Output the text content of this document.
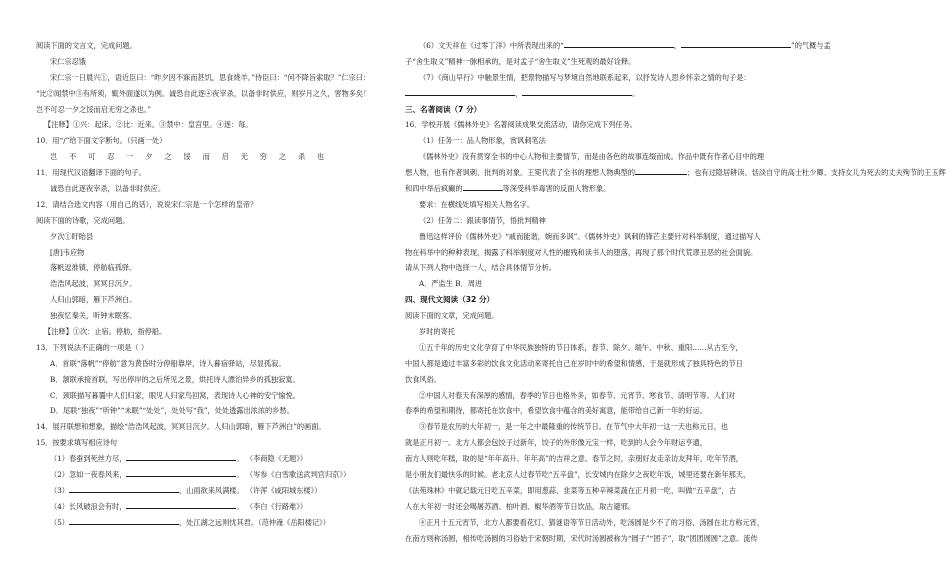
阅读下面的文言文，完成问题。
宋仁宗忍饿
宋仁宗一日晨兴①，语近臣曰：“昨夕因不寐而甚饥，思食烧羊。”侍臣曰：“何不降旨索取？”仁宗曰：
“比②闻禁中③有所须，辄外面遂以为例。诚恐自此逐④夜宰杀，以备非时供应，则岁月之久，害物多矣！
岂不可忍一夕之馁而启无穷之杀也。”
【注释】①兴：起床。②比：近来。③禁中：皇宫里。④逐：每。
10．用“/”给下面文字断句。（只画一处）
岂 不 可 忍 一 夕 之 馁 而 启 无 穷 之 杀 也
11．用现代汉语翻译下面的句子。
诚恐自此逐夜宰杀，以备非时供应。
12．请结合选文内容（用自己的话），说说宋仁宗是一个怎样的皇帝？
阅读下面的诗歌，完成问题。
夕次①盱眙县
[唐]韦应物
落帆逗淮镇，停舫临孤驿。
浩浩风起波，冥冥日沉夕。
人归山郭暗，雁下芦洲白。
独夜忆秦关，听钟未眠客。
【注释】①次：止宿。停舫，指停船。
13．下列说法不正确的一项是（ ）
A．首联“落帆”“停舫”意为黄昏时分停船靠岸，诗人暮宿驿站，尽显孤寂。
B．颔联承接首联，写出停岸的之后所见之景，烘托诗人漂泊异乡的孤独寂寞。
C．颈联描写暮霭中人们归家，眼见人归家鸟回窝，表现诗人心神的安宁愉悦。
D．尾联“独夜”“听钟”“未眠”“处处”，处处写“我”，处处透露出浓浓的乡愁。
14．展开联想和想象，描绘“浩浩风起波，冥冥日沉夕。人归山郭暗，雁下芦洲白”的画面。
15．按要求填写相应诗句
（1）春蚕到死丝方尽，	。 （李商隐《无题》）
（2）忽如一夜春风来，	。 （岑参《白雪歌送武判官归京》）
（3）	，山雨欲来风满楼。 （许浑《咸阳城东楼》）
（4）长风破浪会有时，	。 （李白《行路难》）
（5）	，处江湖之远则忧其君。（范仲淹《岳阳楼记》）
（6）文天祥在《过零丁洋》中所表现出来的“	，	”的气概与孟
子“舍生取义”精神一脉相承的，是对孟子“舍生取义”生死观的最好诠释。
（7）《商山早行》中触景生情，把景物描写与梦境自然地联系起来，以抒发诗人思乡怀亲之情的句子是：
，	。
三、名著阅读（7 分）
16．学校开展《儒林外史》名著阅读成果交流活动，请你完成下列任务。
（1）任务一：品人物形象，赏讽刺笔法
《儒林外史》没有贯穿全书的中心人物和主要情节，而是由各色的故事连缀而成。作品中既有作者心目中的理
想人物，也有作者讽刺、批判的对象。王冕代表了全书的理想人物典型的	；也有过隐居耕读、恬淡自守的高士杜少卿、支持女儿为死去的丈夫殉节的王玉辉
和四中举后疯癫的	等深受科举毒害的反面人物形象。
要求：在横线处填写相关人物名字。
（2）任务二：跟读事情节，悟批判精神
鲁迅这样评价《儒林外史》“戚而能谐，婉而多讽”。《儒林外史》讽刺的锋芒主要针对科举制度，通过描写人
物在科举中的种种表现，揭露了科举制度对人性的摧残和读书人的堕落，再现了那个时代荒谬丑恶的社会面貌。
请从下列人物中选择一人，结合具体情节分析。
A．严监生 B．周进
四、现代文阅读（32 分）
阅读下面的文章，完成问题。
岁时的寄托
①五千年的历史文化孕育了中华民族独特的节日体系，春节、除夕、端午、中秋、重阳……从古至今，
中国人都是通过丰富多彩的饮食文化活动来寄托自己在岁时中的希望和情感，于是就形成了独具特色的节日
饮食风俗。
②中国人对春天有深厚的感情，春季的节日也格外多，如春节、元宵节、寒食节、清明节等。人们对
春季的希望和期待，都寄托在饮食中，希望饮食中蕴含的美好寓意，能带给自己新一年的好运。
③春节是农历的大年初一，是一年之中最隆重的传统节日。在节气中大年初一这一天也称元日，也
就是正月初一。北方人都会包饺子过新年，饺子的外形像元宝一样，吃到的人会今年财运亨通，
南方人则吃年糕，取的是“年年高升、年年高”的吉祥之意。春节之时，亲朋好友走亲访友拜年，吃年节酒，
是小朋友们最快乐的时候。老北京人过春节吃“五辛盘”，长安城内在除夕之夜吃年饭，城里还要在新年那天，
《法苑珠林》中就记载元日吃五辛菜，即用葱蒜，韭菜等五种辛辣菜蔬在正月初一吃，叫做“五辛盘”，古
人在大年初一时还会喝屠苏酒、柏叶酒、椒华酒等节日饮品，取古避邪。
④正月十五元宵节，北方人都要看花灯、猜谜语等节日活动外，吃汤圆是少不了的习俗，汤圆在北方称元宵，
在南方则称汤圆，相传吃汤圆的习俗始于宋朝时期，宋代时汤圆被称为“圆子”“团子”，取“团团圆圆”之意。流传
